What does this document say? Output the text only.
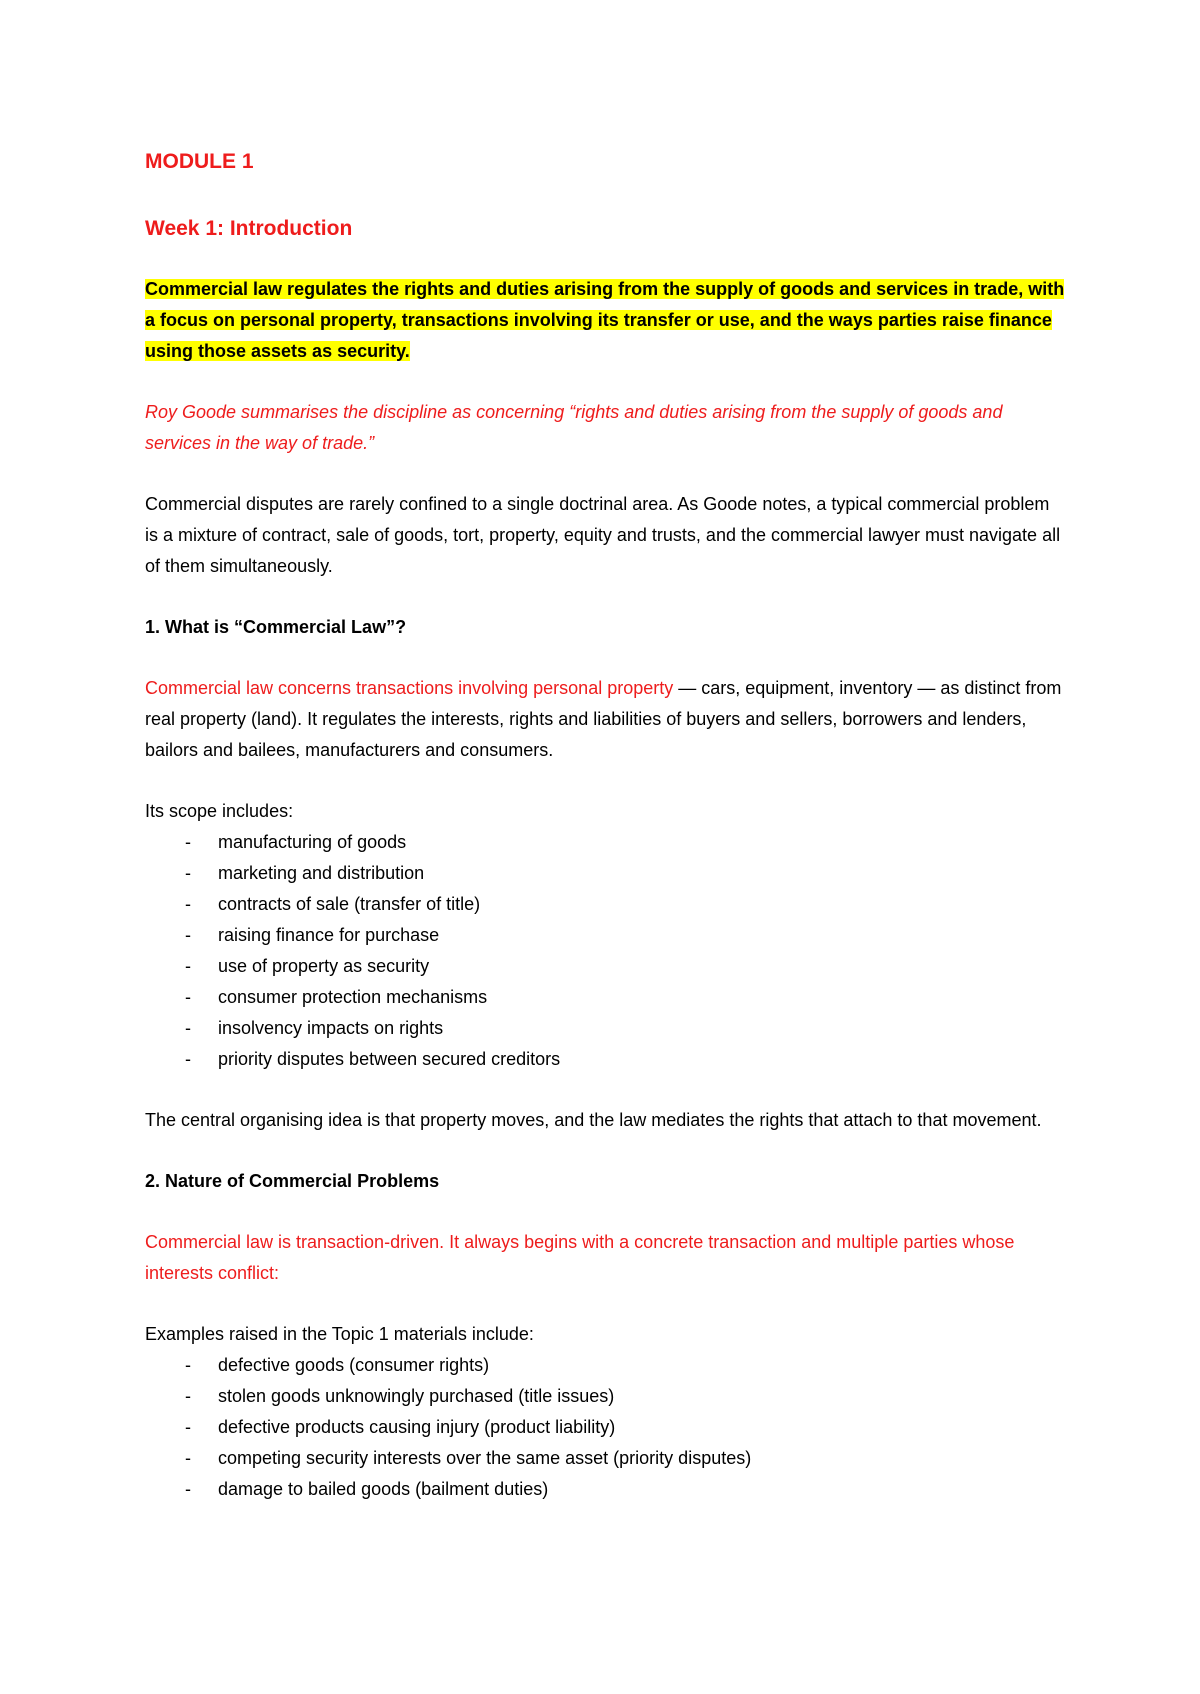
MODULE 1
Week 1: Introduction
Commercial law regulates the rights and duties arising from the supply of goods and services in trade, with a focus on personal property, transactions involving its transfer or use, and the ways parties raise finance using those assets as security.

Roy Goode summarises the discipline as concerning “rights and duties arising from the supply of goods and services in the way of trade.”

Commercial disputes are rarely confined to a single doctrinal area. As Goode notes, a typical commercial problem is a mixture of contract, sale of goods, tort, property, equity and trusts, and the commercial lawyer must navigate all of them simultaneously.

1. What is “Commercial Law”?

Commercial law concerns transactions involving personal property — cars, equipment, inventory — as distinct from real property (land). It regulates the interests, rights and liabilities of buyers and sellers, borrowers and lenders, bailors and bailees, manufacturers and consumers.

Its scope includes:
- manufacturing of goods
- marketing and distribution
- contracts of sale (transfer of title)
- raising finance for purchase
- use of property as security
- consumer protection mechanisms
- insolvency impacts on rights
- priority disputes between secured creditors

The central organising idea is that property moves, and the law mediates the rights that attach to that movement.

2. Nature of Commercial Problems

Commercial law is transaction-driven. It always begins with a concrete transaction and multiple parties whose interests conflict:

Examples raised in the Topic 1 materials include:
- defective goods (consumer rights)
- stolen goods unknowingly purchased (title issues)
- defective products causing injury (product liability)
- competing security interests over the same asset (priority disputes)
- damage to bailed goods (bailment duties)
